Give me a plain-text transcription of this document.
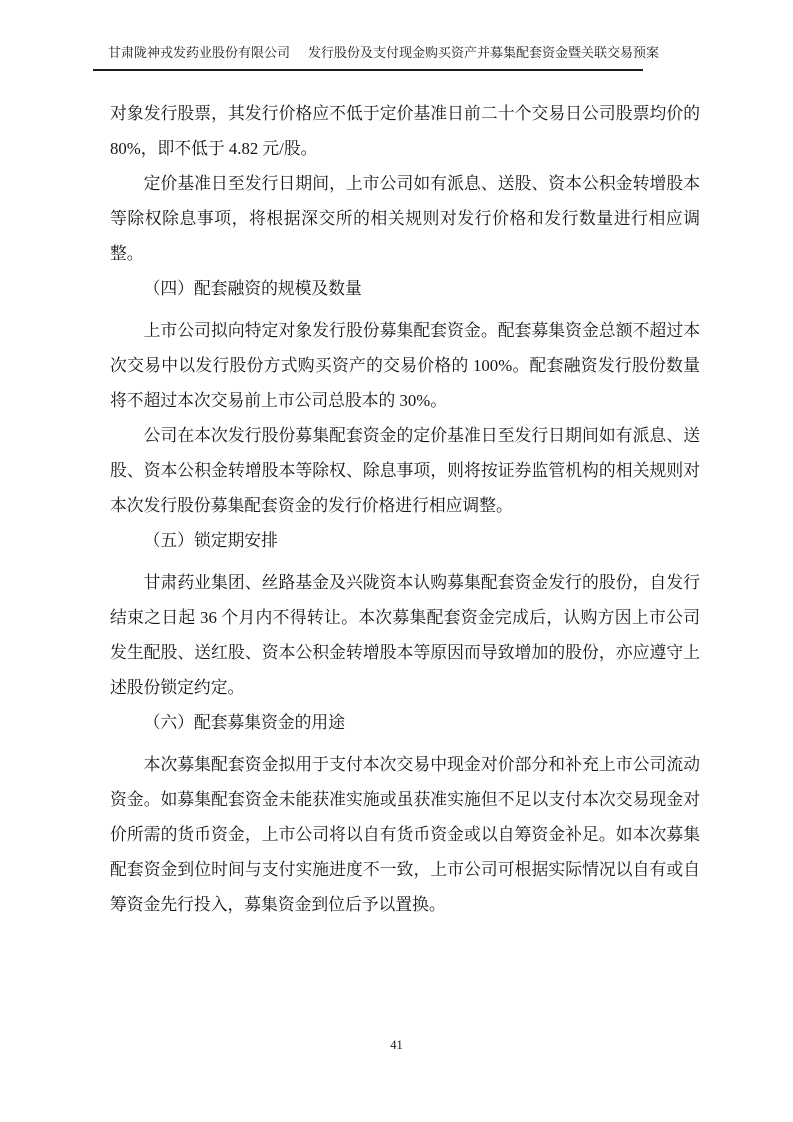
甘肃陇神戎发药业股份有限公司 发行股份及支付现金购买资产并募集配套资金暨关联交易预案

对象发行股票，其发行价格应不低于定价基准日前二十个交易日公司股票均价的80%，即不低于 4.82 元/股。

定价基准日至发行日期间，上市公司如有派息、送股、资本公积金转增股本等除权除息事项，将根据深交所的相关规则对发行价格和发行数量进行相应调整。

（四）配套融资的规模及数量

上市公司拟向特定对象发行股份募集配套资金。配套募集资金总额不超过本次交易中以发行股份方式购买资产的交易价格的 100%。配套融资发行股份数量将不超过本次交易前上市公司总股本的 30%。

公司在本次发行股份募集配套资金的定价基准日至发行日期间如有派息、送股、资本公积金转增股本等除权、除息事项，则将按证券监管机构的相关规则对本次发行股份募集配套资金的发行价格进行相应调整。

（五）锁定期安排

甘肃药业集团、丝路基金及兴陇资本认购募集配套资金发行的股份，自发行结束之日起 36 个月内不得转让。本次募集配套资金完成后，认购方因上市公司发生配股、送红股、资本公积金转增股本等原因而导致增加的股份，亦应遵守上述股份锁定约定。

（六）配套募集资金的用途

本次募集配套资金拟用于支付本次交易中现金对价部分和补充上市公司流动资金。如募集配套资金未能获准实施或虽获准实施但不足以支付本次交易现金对价所需的货币资金，上市公司将以自有货币资金或以自筹资金补足。如本次募集配套资金到位时间与支付实施进度不一致，上市公司可根据实际情况以自有或自筹资金先行投入，募集资金到位后予以置换。

41
